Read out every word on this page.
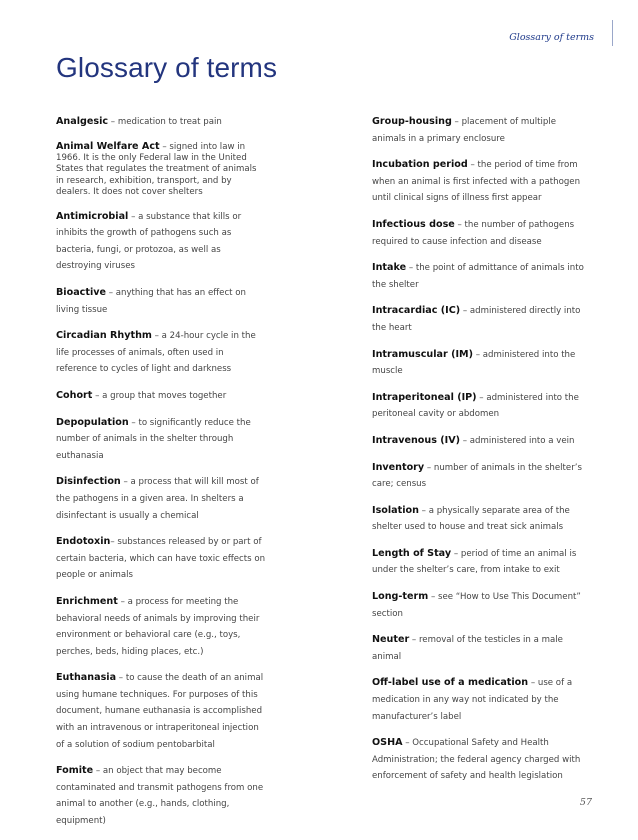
Glossary of terms
Glossary of terms
Analgesic – medication to treat pain
Animal Welfare Act – signed into law in 1966. It is the only Federal law in the United States that regulates the treatment of animals in research, exhibition, transport, and by dealers. It does not cover shelters
Antimicrobial – a substance that kills or inhibits the growth of pathogens such as bacteria, fungi, or protozoa, as well as destroying viruses
Bioactive – anything that has an effect on living tissue
Circadian Rhythm – a 24-hour cycle in the life processes of animals, often used in reference to cycles of light and darkness
Cohort – a group that moves together
Depopulation – to significantly reduce the number of animals in the shelter through euthanasia
Disinfection – a process that will kill most of the pathogens in a given area. In shelters a disinfectant is usually a chemical
Endotoxin– substances released by or part of certain bacteria, which can have toxic effects on people or animals
Enrichment – a process for meeting the behavioral needs of animals by improving their environment or behavioral care (e.g., toys, perches, beds, hiding places, etc.)
Euthanasia – to cause the death of an animal using humane techniques. For purposes of this document, humane euthanasia is accomplished with an intravenous or intraperitoneal injection of a solution of sodium pentobarbital
Fomite – an object that may become contaminated and transmit pathogens from one animal to another (e.g., hands, clothing, equipment)
Group-housing – placement of multiple animals in a primary enclosure
Incubation period – the period of time from when an animal is first infected with a pathogen until clinical signs of illness first appear
Infectious dose – the number of pathogens required to cause infection and disease
Intake – the point of admittance of animals into the shelter
Intracardiac (IC) – administered directly into the heart
Intramuscular (IM) – administered into the muscle
Intraperitoneal (IP) – administered into the peritoneal cavity or abdomen
Intravenous (IV) – administered into a vein
Inventory – number of animals in the shelter’s care; census
Isolation – a physically separate area of the shelter used to house and treat sick animals
Length of Stay – period of time an animal is under the shelter’s care, from intake to exit
Long-term – see “How to Use This Document” section
Neuter – removal of the testicles in a male animal
Off-label use of a medication – use of a medication in any way not indicated by the manufacturer’s label
OSHA – Occupational Safety and Health Administration; the federal agency charged with enforcement of safety and health legislation
57
